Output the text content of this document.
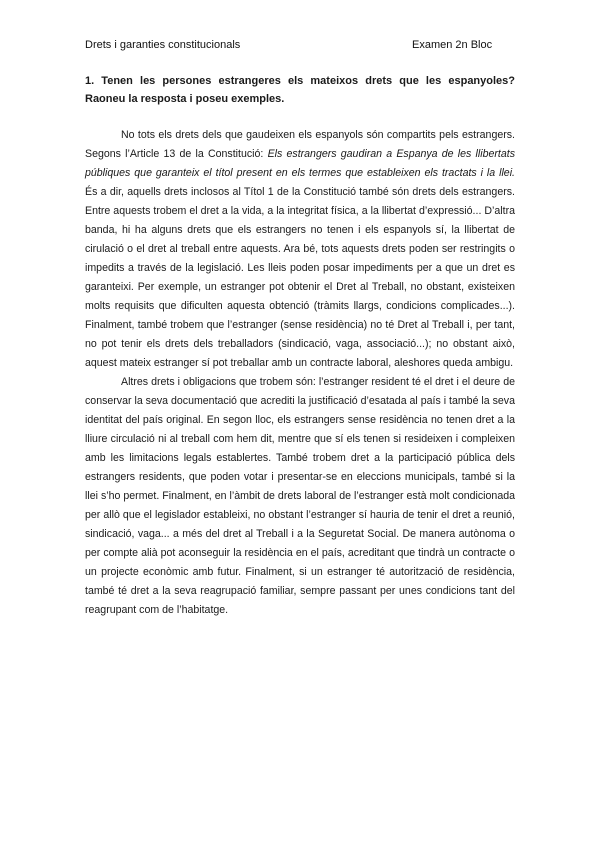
Drets i garanties constitucionals	Examen 2n Bloc

1. Tenen les persones estrangeres els mateixos drets que les espanyoles? Raoneu la resposta i poseu exemples.

No tots els drets dels que gaudeixen els espanyols són compartits pels estrangers. Segons l’Article 13 de la Constitució: Els estrangers gaudiran a Espanya de les llibertats públiques que garanteix el títol present en els termes que estableixen els tractats i la llei. És a dir, aquells drets inclosos al Títol 1 de la Constitució també són drets dels estrangers. Entre aquests trobem el dret a la vida, a la integritat física, a la llibertat d’expressió... D’altra banda, hi ha alguns drets que els estrangers no tenen i els espanyols sí, la llibertat de cirulació o el dret al treball entre aquests. Ara bé, tots aquests drets poden ser restringits o impedits a través de la legislació. Les lleis poden posar impediments per a que un dret es garanteixi. Per exemple, un estranger pot obtenir el Dret al Treball, no obstant, existeixen molts requisits que dificulten aquesta obtenció (tràmits llargs, condicions complicades...). Finalment, també trobem que l’estranger (sense residència) no té Dret al Treball i, per tant, no pot tenir els drets dels treballadors (sindicació, vaga, associació...); no obstant això, aquest mateix estranger sí pot treballar amb un contracte laboral, aleshores queda ambigu.

Altres drets i obligacions que trobem són: l’estranger resident té el dret i el deure de conservar la seva documentació que acrediti la justificació d’esatada al país i també la seva identitat del país original. En segon lloc, els estrangers sense residència no tenen dret a la lliure circulació ni al treball com hem dit, mentre que sí els tenen si resideixen i compleixen amb les limitacions legals establertes. També trobem dret a la participació pública dels estrangers residents, que poden votar i presentar-se en eleccions municipals, també si la llei s’ho permet. Finalment, en l’àmbit de drets laboral de l’estranger està molt condicionada per allò que el legislador estableixi, no obstant l’estranger sí hauria de tenir el dret a reunió, sindicació, vaga... a més del dret al Treball i a la Seguretat Social. De manera autònoma o per compte alià pot aconseguir la residència en el país, acreditant que tindrà un contracte o un projecte econòmic amb futur. Finalment, si un estranger té autorització de residència, també té dret a la seva reagrupació familiar, sempre passant per unes condicions tant del reagrupant com de l’habitatge.
